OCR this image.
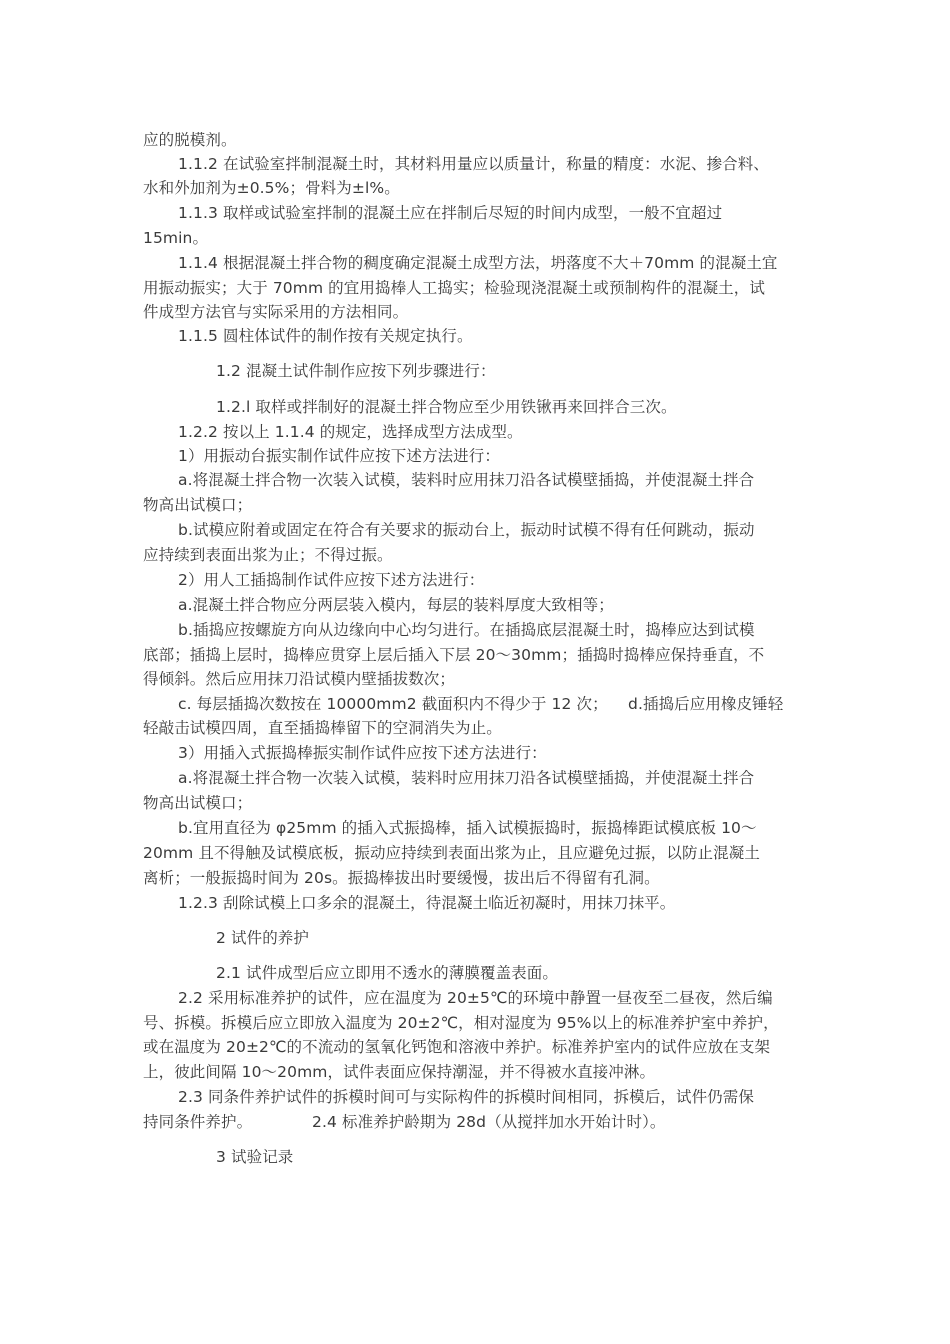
应的脱模剂。
1.1.2 在试验室拌制混凝土时，其材料用量应以质量计，称量的精度：水泥、掺合料、
水和外加剂为±0.5%；骨料为±l%。
1.1.3 取样或试验室拌制的混凝土应在拌制后尽短的时间内成型，一般不宜超过
15min。
1.1.4 根据混凝土拌合物的稠度确定混凝土成型方法，坍落度不大＋70mm 的混凝土宜
用振动振实；大于 70mm 的宜用捣棒人工捣实；检验现浇混凝土或预制构件的混凝土，试
件成型方法官与实际采用的方法相同。
1.1.5 圆柱体试件的制作按有关规定执行。
1.2 混凝土试件制作应按下列步骤进行：
1.2.l 取样或拌制好的混凝土拌合物应至少用铁锹再来回拌合三次。
1.2.2 按以上 1.1.4 的规定，选择成型方法成型。
1）用振动台振实制作试件应按下述方法进行：
a.将混凝土拌合物一次装入试模，装料时应用抹刀沿各试模壁插捣，并使混凝土拌合
物高出试模口；
b.试模应附着或固定在符合有关要求的振动台上，振动时试模不得有任何跳动，振动
应持续到表面出浆为止；不得过振。
2）用人工插捣制作试件应按下述方法进行：
a.混凝土拌合物应分两层装入模内，每层的装料厚度大致相等；
b.插捣应按螺旋方向从边缘向中心均匀进行。在插捣底层混凝土时，捣棒应达到试模
底部；插捣上层时，捣棒应贯穿上层后插入下层 20～30mm；插捣时捣棒应保持垂直，不
得倾斜。然后应用抹刀沿试模内壁插拔数次；
c. 每层插捣次数按在 10000mm2 截面积内不得少于 12 次； d.插捣后应用橡皮锤轻
轻敲击试模四周，直至插捣棒留下的空洞消失为止。
3）用插入式振捣棒振实制作试件应按下述方法进行：
a.将混凝土拌合物一次装入试模，装料时应用抹刀沿各试模壁插捣，并使混凝土拌合
物高出试模口；
b.宜用直径为 φ25mm 的插入式振捣棒，插入试模振捣时，振捣棒距试模底板 10～
20mm 且不得触及试模底板，振动应持续到表面出浆为止，且应避免过振，以防止混凝土
离析；一般振捣时间为 20s。振捣棒拔出时要缓慢，拔出后不得留有孔洞。
1.2.3 刮除试模上口多余的混凝土，待混凝土临近初凝时，用抹刀抹平。
2 试件的养护
2.1 试件成型后应立即用不透水的薄膜覆盖表面。
2.2 采用标准养护的试件，应在温度为 20±5℃的环境中静置一昼夜至二昼夜，然后编
号、拆模。拆模后应立即放入温度为 20±2℃，相对湿度为 95%以上的标准养护室中养护，
或在温度为 20±2℃的不流动的氢氧化钙饱和溶液中养护。标准养护室内的试件应放在支架
上，彼此间隔 10～20mm，试件表面应保持潮湿，并不得被水直接冲淋。
2.3 同条件养护试件的拆模时间可与实际构件的拆模时间相同，拆模后，试件仍需保
持同条件养护。	2.4 标准养护龄期为 28d（从搅拌加水开始计时）。
3 试验记录
